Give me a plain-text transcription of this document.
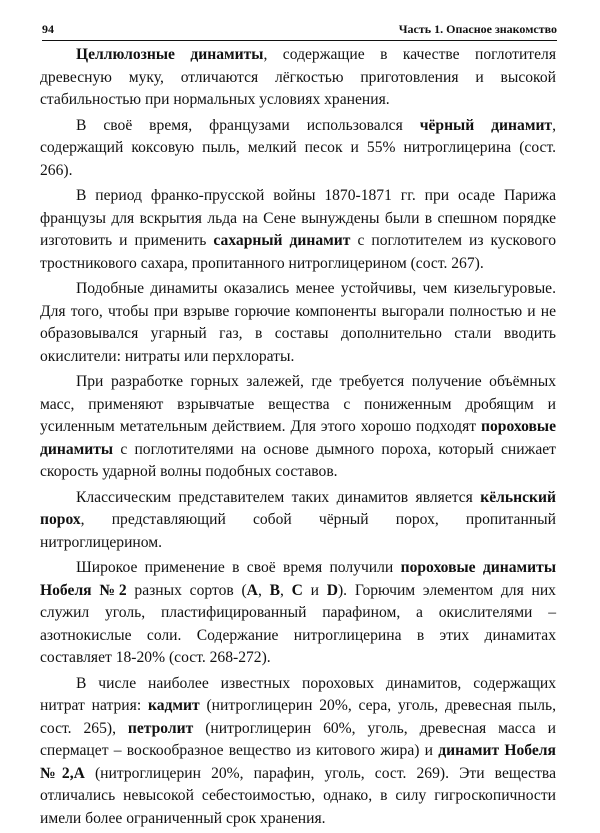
94	Часть 1. Опасное знакомство

Целлюлозные динамиты, содержащие в качестве поглотителя древесную муку, отличаются лёгкостью приготовления и высокой стабильностью при нормальных условиях хранения.

В своё время, французами использовался чёрный динамит, содержащий коксовую пыль, мелкий песок и 55% нитроглицерина (сост. 266).

В период франко-прусской войны 1870-1871 гг. при осаде Парижа французы для вскрытия льда на Сене вынуждены были в спешном порядке изготовить и применить сахарный динамит с поглотителем из кускового тростникового сахара, пропитанного нитроглицерином (сост. 267).

Подобные динамиты оказались менее устойчивы, чем кизельгуровые. Для того, чтобы при взрыве горючие компоненты выгорали полностью и не образовывался угарный газ, в составы дополнительно стали вводить окислители: нитраты или перхлораты.

При разработке горных залежей, где требуется получение объёмных масс, применяют взрывчатые вещества с пониженным дробящим и усиленным метательным действием. Для этого хорошо подходят пороховые динамиты с поглотителями на основе дымного пороха, который снижает скорость ударной волны подобных составов.

Классическим представителем таких динамитов является кёльнский порох, представляющий собой чёрный порох, пропитанный нитроглицерином.

Широкое применение в своё время получили пороховые динамиты Нобеля №2 разных сортов (A, B, C и D). Горючим элементом для них служил уголь, пластифицированный парафином, а окислителями – азотнокислые соли. Содержание нитроглицерина в этих динамитах составляет 18-20% (сост. 268-272).

В числе наиболее известных пороховых динамитов, содержащих нитрат натрия: кадмит (нитроглицерин 20%, сера, уголь, древесная пыль, сост. 265), петролит (нитроглицерин 60%, уголь, древесная масса и спермацет – воскообразное вещество из китового жира) и динамит Нобеля №2,А (нитроглицерин 20%, парафин, уголь, сост. 269). Эти вещества отличались невысокой себестоимостью, однако, в силу гигроскопичности имели более ограниченный срок хранения.
